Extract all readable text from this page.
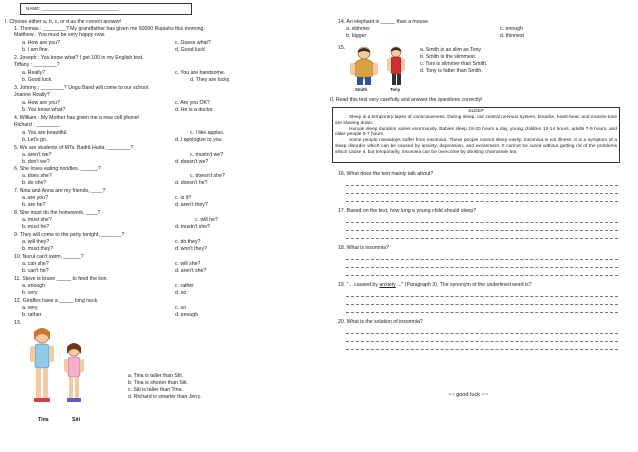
NAME: ______________________________
I. Choose either a, b, c, or d as the correct answer!
1. Thomas : ________? My grandfather has given me 50000 Rupiahs this morning.
Matthew : You must be very happy now.
a. How are you?
b. I am fine.
c. Guess what?
d. Good luck!
2. Joseph : You know what? I get 100 in my English test.
Tiffany : ________?
a. Really?
b. Good luck.
c. You are handsome.
d. They are lucky.
3. Johnny : ________? Ungu Band will come to our school.
Joanne Really?
a. How are you?
b. You know what?
c. Are you OK?
d. He is a doctor.
4. William : My Mother has given me a new cell phone!
Richard : ________.
a. You are beautiful.
b. Let's go.
c. I like apples.
d. I apologize to you.
5. We are students of MTs. Badrit Huda, ________?
a. aren't we?
b. don't we?
c. mustn't we?
d. doesn't we?
6. She loves eating noodles, ______?
a. does she?
b. do she?
c. doesn't she?
d. doesn't he?
7. Nina and Anna are my friends, ____?
a. are you?
b. are he?
c. is it?
d. aren't they?
8. She must do the homework, ____?
a. must she?
b. must he?
c. will he?
d. mustn't she?
9. They will come to the party tonight, _______?
a. will they?
b. must they?
c. do they?
d. won't they?
10. Nurul can't swim, ______?
a. can she?
b. can't he?
c. will she?
d. aren't she?
11. Steve is brave _____ to feed the lion.
a. enough
b. very
c. rather
d. so
12. Giraffes have a _____ long neck.
a. very
b. rather
c. so
d. enough
13.
Tina	Siti
a. Tina is taller than Siti.
b. Tina is shorter than Siti.
c. Siti is taller than Tina.
d. Richard is smarter than Jerry.
14. An elephant is _____ than a mouse.
a. slimmer
b. bigger
c. enough
d. thinnest
15.
Smith	Tony
a. Smith is as slim as Tony.
b. Smith is the slimmest.
c. Toni is slimmer than Smith.
d. Tony is fatter than Smith.
II. Read this text very carefully and answer the questions correctly!
SLEEP

Sleep is a temporary lapse of consciousness. During sleep, our central nervous system, breathe, heart-beat, and muscle-tone are slowing down.

Human sleep duration varies enormously. Babies sleep 18-20 hours a day, young children 12-14 hours, adults 7-9 hours, and older people 5-7 hours.

Some people nowadays suffer from insomnia. These people cannot sleep easily. Insomnia is not illness. It is a symptom of a sleep disorder which can be caused by anxiety, depression, and excitement. It cannot be cured without getting rid of the problems which cause it. but temporarily, insomnia can be overcome by drinking chamomile tea.

16. What does the text mainly talk about?
17. Based on the text, how long a young child should sleep?
18. What is insomnia?
19. "... caused by anxiety ..." (Paragraph 3). The synonym of the underlined word is?
20. What is the solution of insomnia?
~~ good luck ~~
